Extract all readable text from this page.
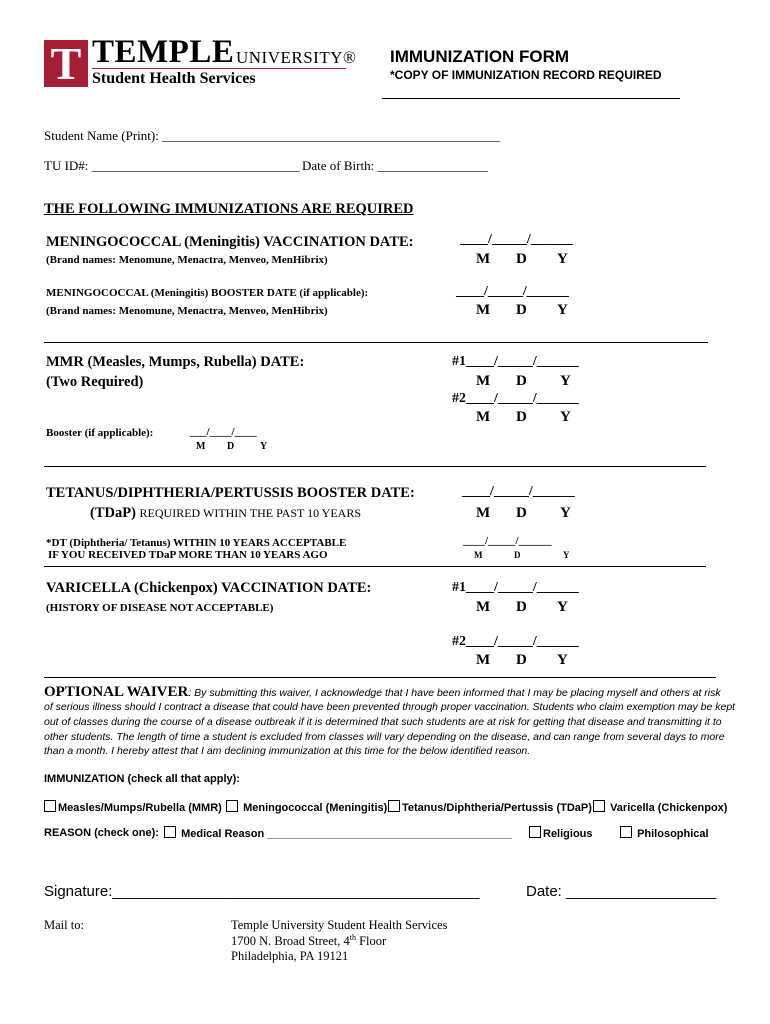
T TEMPLE UNIVERSITY®
Student Health Services
IMMUNIZATION FORM
*COPY OF IMMUNIZATION RECORD REQUIRED
Student Name (Print): ____________________________________________________
TU ID#: ________________________________ Date of Birth: _________________
THE FOLLOWING IMMUNIZATIONS ARE REQUIRED
MENINGOCOCCAL (Meningitis) VACCINATION DATE:
(Brand names: Menomune, Menactra, Menveo, MenHibrix)
____/_____/______
M D Y
MENINGOCOCCAL (Meningitis) BOOSTER DATE (if applicable):
(Brand names: Menomune, Menactra, Menveo, MenHibrix)
____/_____/______
M D Y
MMR (Measles, Mumps, Rubella) DATE:
(Two Required)
#1____/_____/______
M D Y
#2____/_____/______
M D Y
Booster (if applicable):	___/____/____
M D	Y
TETANUS/DIPHTHERIA/PERTUSSIS BOOSTER DATE:
(TDaP) REQUIRED WITHIN THE PAST 10 YEARS
____/_____/______
M D Y
*DT (Diphtheria/ Tetanus) WITHIN 10 YEARS ACCEPTABLE
IF YOU RECEIVED TDaP MORE THAN 10 YEARS AGO
____/_____/______
M	D	Y
VARICELLA (Chickenpox) VACCINATION DATE:
(HISTORY OF DISEASE NOT ACCEPTABLE)
#1____/_____/______
M D Y
#2____/_____/______
M D Y
OPTIONAL WAIVER: By submitting this waiver, I acknowledge that I have been informed that I may be placing myself and others at risk
of serious illness should I contract a disease that could have been prevented through proper vaccination. Students who claim exemption may be kept
out of classes during the course of a disease outbreak if it is determined that such students are at risk for getting that disease and transmitting it to
other students. The length of time a student is excluded from classes will vary depending on the disease, and can range from several days to more
than a month. I hereby attest that I am declining immunization at this time for the below identified reason.
IMMUNIZATION (check all that apply):
Measles/Mumps/Rubella (MMR)	Meningococcal (Meningitis)	Tetanus/Diphtheria/Pertussis (TDaP)	Varicella (Chickenpox)
REASON (check one):	Medical Reason ________________________________________	Religious	Philosophical
Signature:____________________________________________	Date: __________________
Mail to:	Temple University Student Health Services
1700 N. Broad Street, 4th Floor
Philadelphia, PA 19121
